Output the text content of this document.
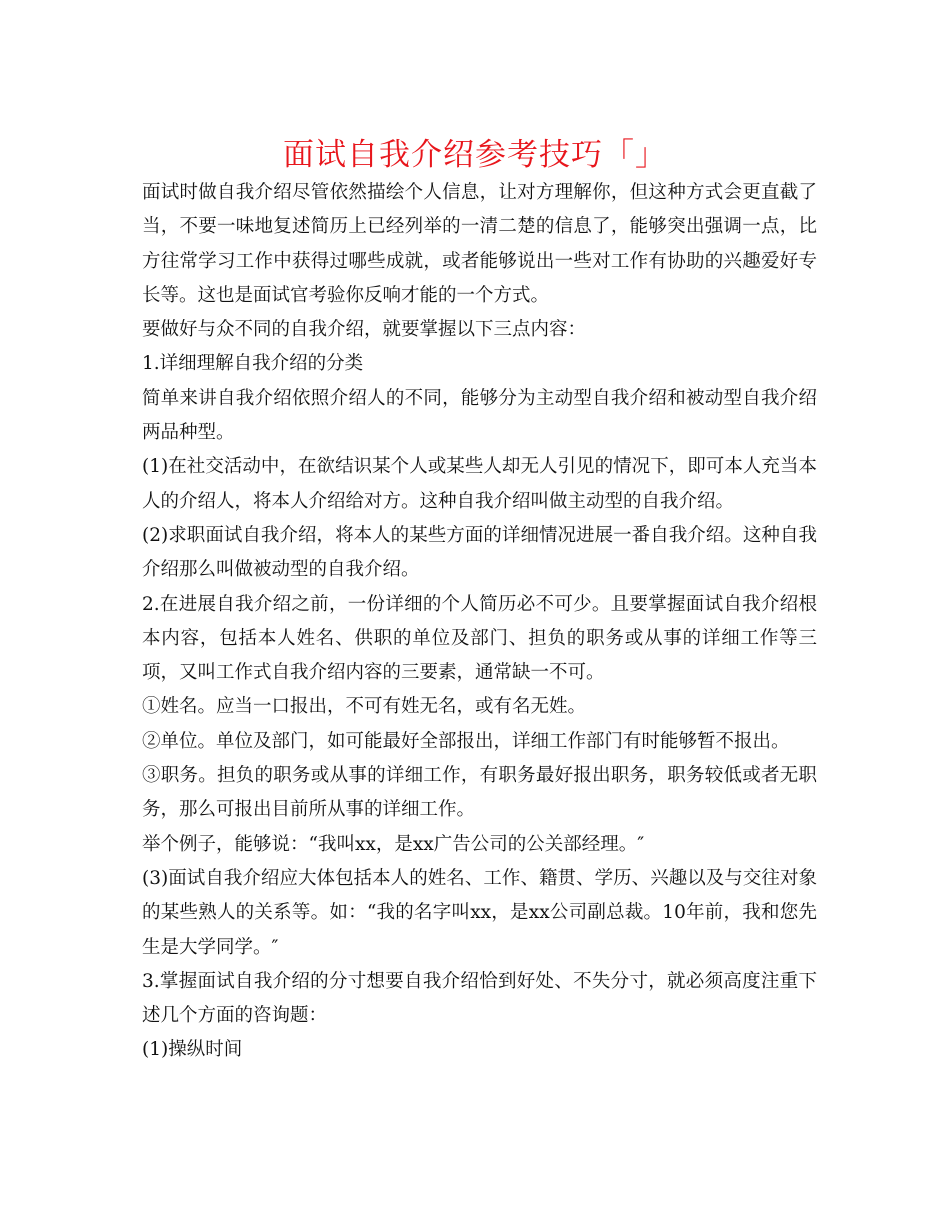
面试自我介绍参考技巧「」

面试时做自我介绍尽管依然描绘个人信息，让对方理解你，但这种方式会更直截了当，不要一味地复述简历上已经列举的一清二楚的信息了，能够突出强调一点，比方往常学习工作中获得过哪些成就，或者能够说出一些对工作有协助的兴趣爱好专长等。这也是面试官考验你反响才能的一个方式。

要做好与众不同的自我介绍，就要掌握以下三点内容：

1.详细理解自我介绍的分类

简单来讲自我介绍依照介绍人的不同，能够分为主动型自我介绍和被动型自我介绍两品种型。

(1)在社交活动中，在欲结识某个人或某些人却无人引见的情况下，即可本人充当本人的介绍人，将本人介绍给对方。这种自我介绍叫做主动型的自我介绍。

(2)求职面试自我介绍，将本人的某些方面的详细情况进展一番自我介绍。这种自我介绍那么叫做被动型的自我介绍。

2.在进展自我介绍之前，一份详细的个人简历必不可少。且要掌握面试自我介绍根本内容，包括本人姓名、供职的单位及部门、担负的职务或从事的详细工作等三项，又叫工作式自我介绍内容的三要素，通常缺一不可。

①姓名。应当一口报出，不可有姓无名，或有名无姓。

②单位。单位及部门，如可能最好全部报出，详细工作部门有时能够暂不报出。

③职务。担负的职务或从事的详细工作，有职务最好报出职务，职务较低或者无职务，那么可报出目前所从事的详细工作。

举个例子，能够说：“我叫xx，是xx广告公司的公关部经理。″

(3)面试自我介绍应大体包括本人的姓名、工作、籍贯、学历、兴趣以及与交往对象的某些熟人的关系等。如：“我的名字叫xx，是xx公司副总裁。10年前，我和您先生是大学同学。″

3.掌握面试自我介绍的分寸想要自我介绍恰到好处、不失分寸，就必须高度注重下述几个方面的咨询题：

(1)操纵时间
